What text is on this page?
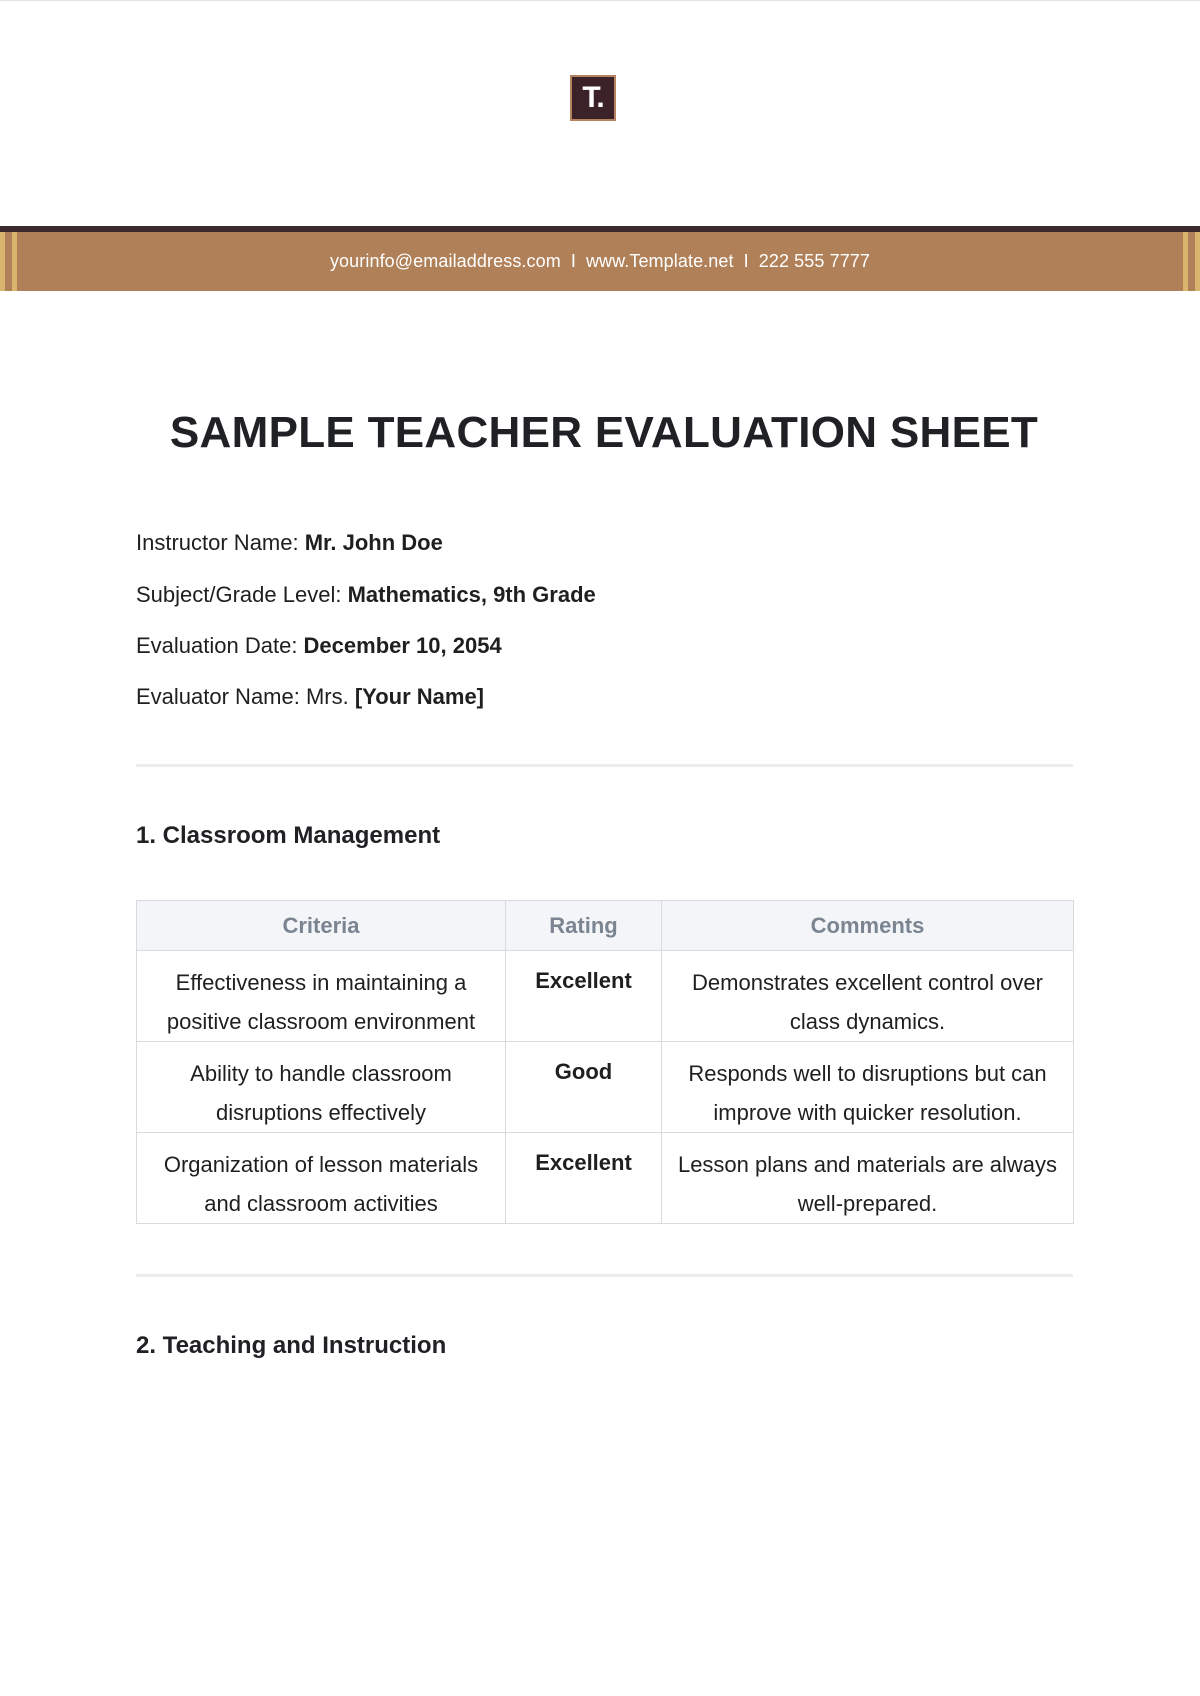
T.
yourinfo@emailaddress.com I www.Template.net I 222 555 7777
SAMPLE TEACHER EVALUATION SHEET

Instructor Name: Mr. John Doe

Subject/Grade Level: Mathematics, 9th Grade

Evaluation Date: December 10, 2054

Evaluator Name: Mrs. [Your Name]

1. Classroom Management
Criteria	Rating	Comments
Effectiveness in maintaining a positive classroom environment	Excellent	Demonstrates excellent control over class dynamics.
Ability to handle classroom disruptions effectively	Good	Responds well to disruptions but can improve with quicker resolution.
Organization of lesson materials and classroom activities	Excellent	Lesson plans and materials are always well-prepared.
2. Teaching and Instruction
